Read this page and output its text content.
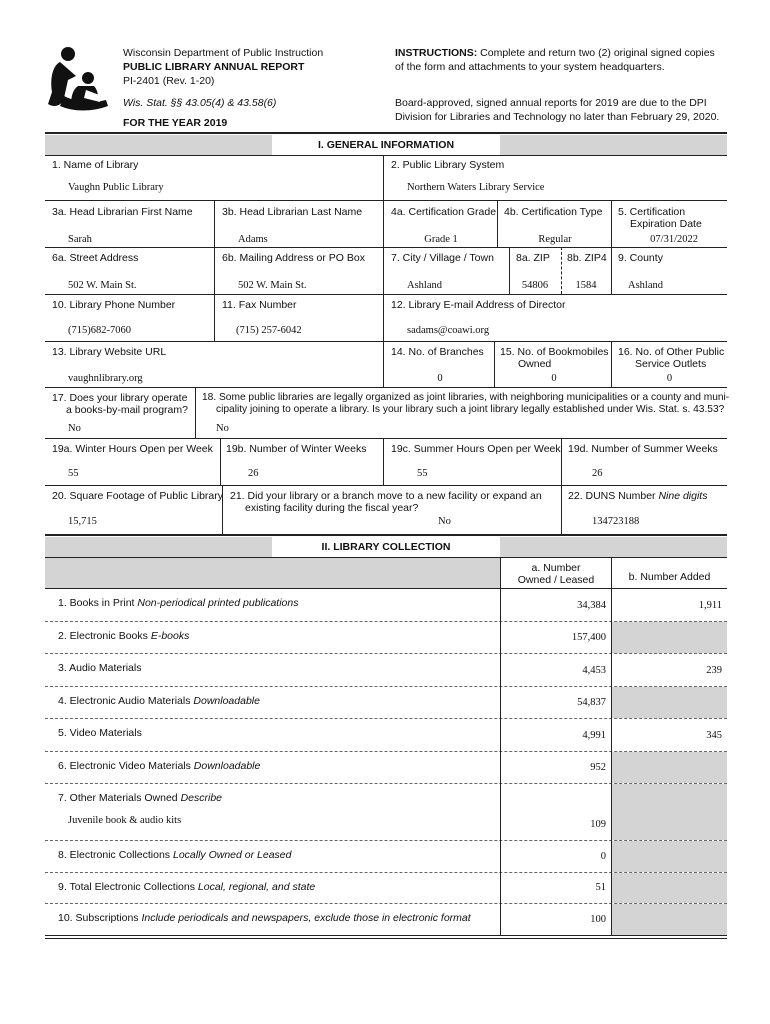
Wisconsin Department of Public Instruction
PUBLIC LIBRARY ANNUAL REPORT
PI-2401 (Rev. 1-20)
Wis. Stat. §§ 43.05(4) & 43.58(6)
FOR THE YEAR 2019
INSTRUCTIONS: Complete and return two (2) original signed copies
of the form and attachments to your system headquarters.
Board-approved, signed annual reports for 2019 are due to the DPI
Division for Libraries and Technology no later than February 29, 2020.
I. GENERAL INFORMATION
1. Name of Library
Vaughn Public Library
2. Public Library System
Northern Waters Library Service
3a. Head Librarian First Name
Sarah
3b. Head Librarian Last Name
Adams
4a. Certification Grade
Grade 1
4b. Certification Type
Regular
5. Certification
Expiration Date
07/31/2022
6a. Street Address
502 W. Main St.
6b. Mailing Address or PO Box
502 W. Main St.
7. City / Village / Town
Ashland
8a. ZIP
54806
8b. ZIP4
1584
9. County
Ashland
10. Library Phone Number
(715)682-7060
11. Fax Number
(715) 257-6042
12. Library E-mail Address of Director
sadams@coawi.org
13. Library Website URL
vaughnlibrary.org
14. No. of Branches
0
15. No. of Bookmobiles
Owned
0
16. No. of Other Public
Service Outlets
0
17. Does your library operate
a books-by-mail program?
No
18. Some public libraries are legally organized as joint libraries, with neighboring municipalities or a county and muni-
cipality joining to operate a library. Is your library such a joint library legally established under Wis. Stat. s. 43.53?
No
19a. Winter Hours Open per Week
55
19b. Number of Winter Weeks
26
19c. Summer Hours Open per Week
55
19d. Number of Summer Weeks
26
20. Square Footage of Public Library
15,715
21. Did your library or a branch move to a new facility or expand an
existing facility during the fiscal year?
No
22. DUNS Number Nine digits
134723188
II. LIBRARY COLLECTION
a. Number
Owned / Leased	b. Number Added
1. Books in Print Non-periodical printed publications	34,384	1,911
2. Electronic Books E-books	157,400
3. Audio Materials	4,453	239
4. Electronic Audio Materials Downloadable	54,837
5. Video Materials	4,991	345
6. Electronic Video Materials Downloadable	952
7. Other Materials Owned Describe
Juvenile book & audio kits	109
8. Electronic Collections Locally Owned or Leased	0
9. Total Electronic Collections Local, regional, and state	51
10. Subscriptions Include periodicals and newspapers, exclude those in electronic format	100
